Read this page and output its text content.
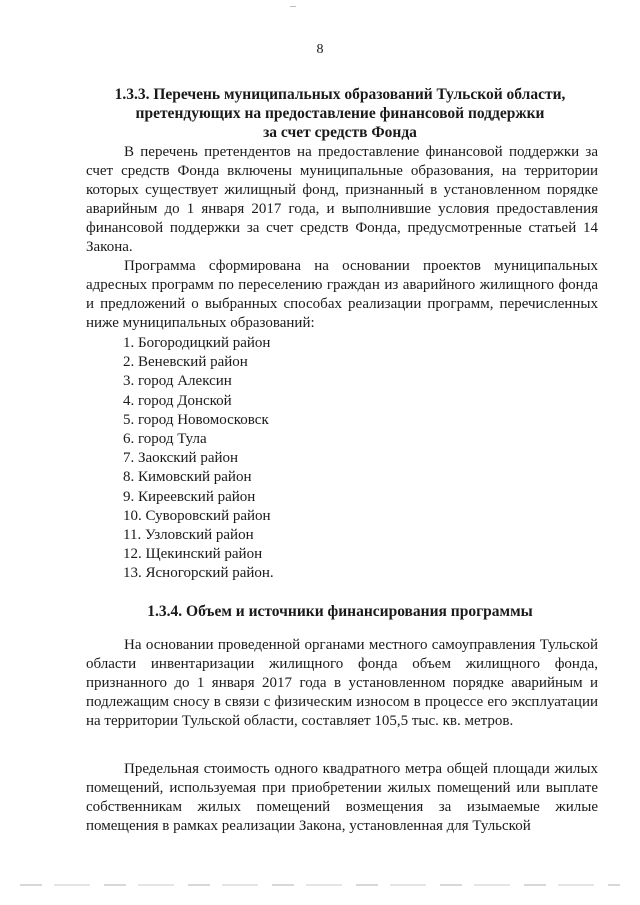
8
1.3.3. Перечень муниципальных образований Тульской области,
претендующих на предоставление финансовой поддержки
за счет средств Фонда

В перечень претендентов на предоставление финансовой поддержки за счет средств Фонда включены муниципальные образования, на территории которых существует жилищный фонд, признанный в установленном порядке аварийным до 1 января 2017 года, и выполнившие условия предоставления финансовой поддержки за счет средств Фонда, предусмотренные статьей 14 Закона.

Программа сформирована на основании проектов муниципальных адресных программ по переселению граждан из аварийного жилищного фонда и предложений о выбранных способах реализации программ, перечисленных ниже муниципальных образований:

1. Богородицкий район
2. Веневский район
3. город Алексин
4. город Донской
5. город Новомосковск
6. город Тула
7. Заокский район
8. Кимовский район
9. Киреевский район
10. Суворовский район
11. Узловский район
12. Щекинский район
13. Ясногорский район.
1.3.4. Объем и источники финансирования программы

На основании проведенной органами местного самоуправления Тульской области инвентаризации жилищного фонда объем жилищного фонда, признанного до 1 января 2017 года в установленном порядке аварийным и подлежащим сносу в связи с физическим износом в процессе его эксплуатации на территории Тульской области, составляет 105,5 тыс. кв. метров.

Предельная стоимость одного квадратного метра общей площади жилых помещений, используемая при приобретении жилых помещений или выплате собственникам жилых помещений возмещения за изымаемые жилые помещения в рамках реализации Закона, установленная для Тульской
